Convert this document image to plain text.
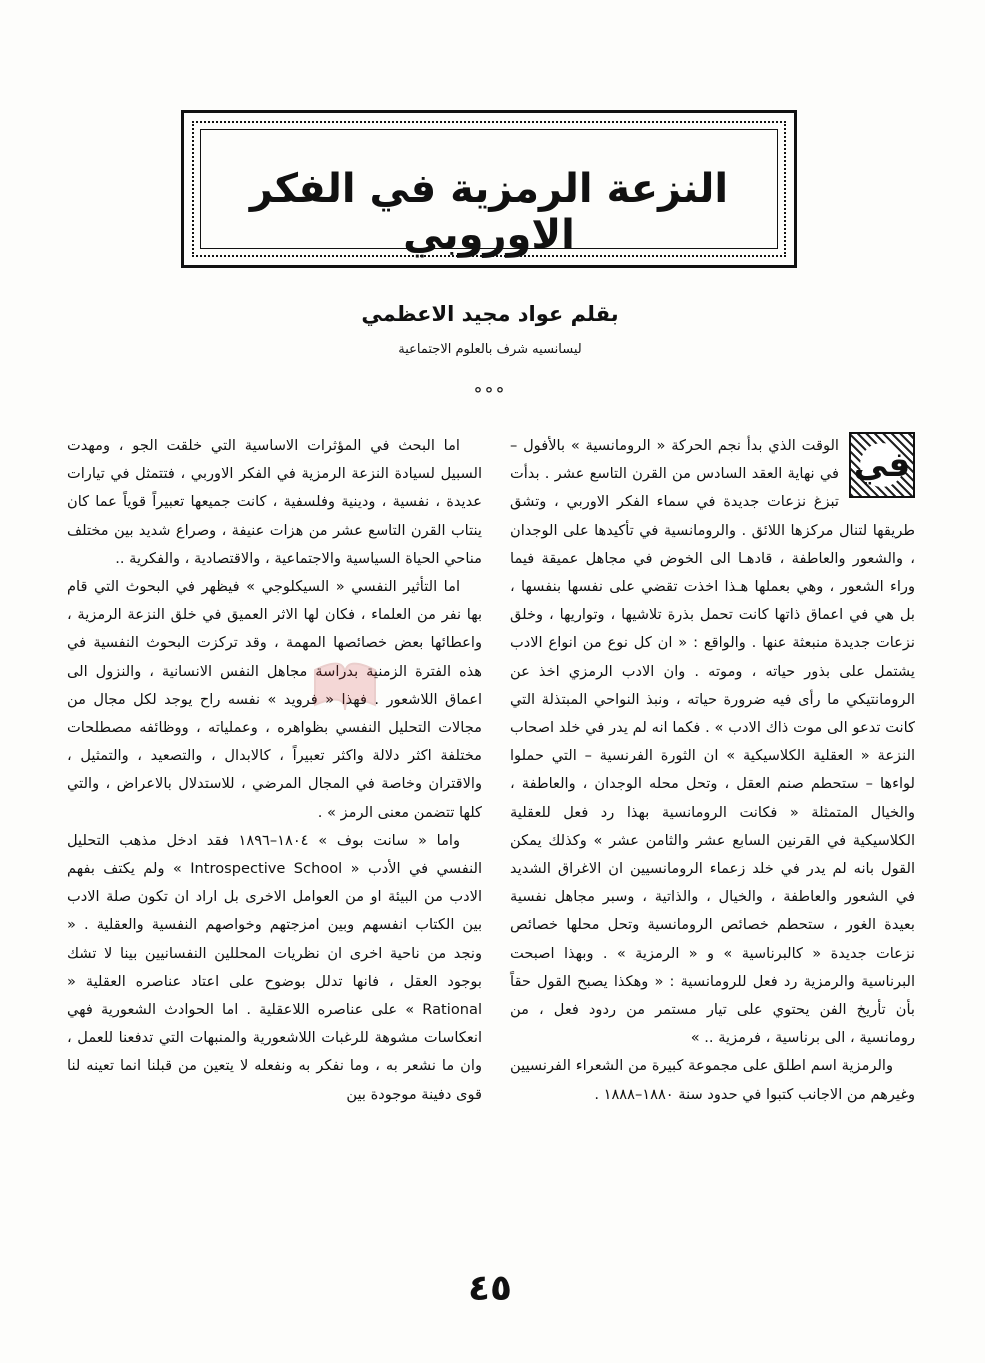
النزعة الرمزية في الفكر الاوروبي
بقلم عواد مجيد الاعظمي
ليسانسيه شرف بالعلوم الاجتماعية
°°°
في

الوقت الذي بدأ نجم الحركة « الرومانسية » بالأفول – في نهاية العقد السادس من القرن التاسع عشر . بدأت تبزغ نزعات جديدة في سماء الفكر الاوربي ، وتشق طريقها لتنال مركزها اللائق . والرومانسية في تأكيدها على الوجدان ، والشعور والعاطفة ، قادهـا الى الخوض في مجاهل عميقة فيما وراء الشعور ، وهي بعملها هـذا اخذت تقضي على نفسها بنفسها ، بل هي في اعماق ذاتها كانت تحمل بذرة تلاشيها ، وتواريها ، وخلق نزعات جديدة منبعثة عنها . والواقع : « ان كل نوع من انواع الادب يشتمل على بذور حياته ، وموته . وان الادب الرمزي اخذ عن الرومانتيكي ما رأى فيه ضرورة حياته ، ونبذ النواحي المبتذلة التي كانت تدعو الى موت ذاك الادب » . فكما انه لم يدر في خلد اصحاب النزعة « العقلية الكلاسيكية » ان الثورة الفرنسية – التي حملوا لواءها – ستحطم صنم العقل ، وتحل محله الوجدان ، والعاطفة ، والخيال المتمثلة « فكانت الرومانسية بهذا رد فعل للعقلية الكلاسيكية في القرنين السابع عشر والثامن عشر » وكذلك يمكن القول بانه لم يدر في خلد زعماء الرومانسيين ان الاغراق الشديد في الشعور والعاطفة ، والخيال ، والذاتية ، وسبر مجاهل نفسية بعيدة الغور ، ستحطم خصائص الرومانسية وتحل محلها خصائص نزعات جديدة « كالبرناسية » و « الرمزية » . وبهذا اصبحت البرناسية والرمزية رد فعل للرومانسية : « وهكذا يصبح القول حقاً بأن تأريخ الفن يحتوي على تيار مستمر من ردود فعل ، من رومانسية ، الى برناسية ، فرمزية .. »

والرمزية اسم اطلق على مجموعة كبيرة من الشعراء الفرنسيين وغيرهم من الاجانب كتبوا في حدود سنة ١٨٨٠–١٨٨٨ .

اما البحث في المؤثرات الاساسية التي خلقت الجو ، ومهدت السبيل لسيادة النزعة الرمزية في الفكر الاوربي ، فتتمثل في تيارات عديدة ، نفسية ، ودينية وفلسفية ، كانت جميعها تعبيراً قوياً عما كان ينتاب القرن التاسع عشر من هزات عنيفة ، وصراع شديد بين مختلف مناحي الحياة السياسية والاجتماعية ، والاقتصادية ، والفكرية ..

اما التأثير النفسي « السيكلوجي » فيظهر في البحوث التي قام بها نفر من العلماء ، فكان لها الاثر العميق في خلق النزعة الرمزية ، واعطائها بعض خصائصها المهمة ، وقد تركزت البحوث النفسية في هذه الفترة الزمنية بدراسة مجاهل النفس الانسانية ، والنزول الى اعماق اللاشعور . فهذا « فرويد » نفسه راح يوجد لكل مجال من مجالات التحليل النفسي بظواهره ، وعملياته ، ووظائفه مصطلحات مختلفة اكثر دلالة واكثر تعبيراً ، كالابدال ، والتصعيد ، والتمثيل ، والاقتران وخاصة في المجال المرضي ، للاستدلال بالاعراض ، والتي كلها تتضمن معنى الرمز » .

واما « سانت بوف » ١٨٠٤–١٨٩٦ فقد ادخل مذهب التحليل النفسي في الأدب « Introspective School » ولم يكتف بفهم الادب من البيئة او من العوامل الاخرى بل اراد ان تكون صلة الادب بين الكتاب انفسهم وبين امزجتهم وخواصهم النفسية والعقلية . « ونجد من ناحية اخرى ان نظريات المحللين النفسانيين بينا لا تشك بوجود العقل ، فانها تدلل بوضوح على اعتاد عناصره العقلية « Rational » على عناصره اللاعقلية . اما الحوادث الشعورية فهي انعكاسات مشوهة للرغبات اللاشعورية والمنبهات التي تدفعنا للعمل ، وان ما نشعر به ، وما نفكر به ونفعله لا يتعين من قبلنا انما تعينه لنا قوى دفينة موجودة بين

٤٥
